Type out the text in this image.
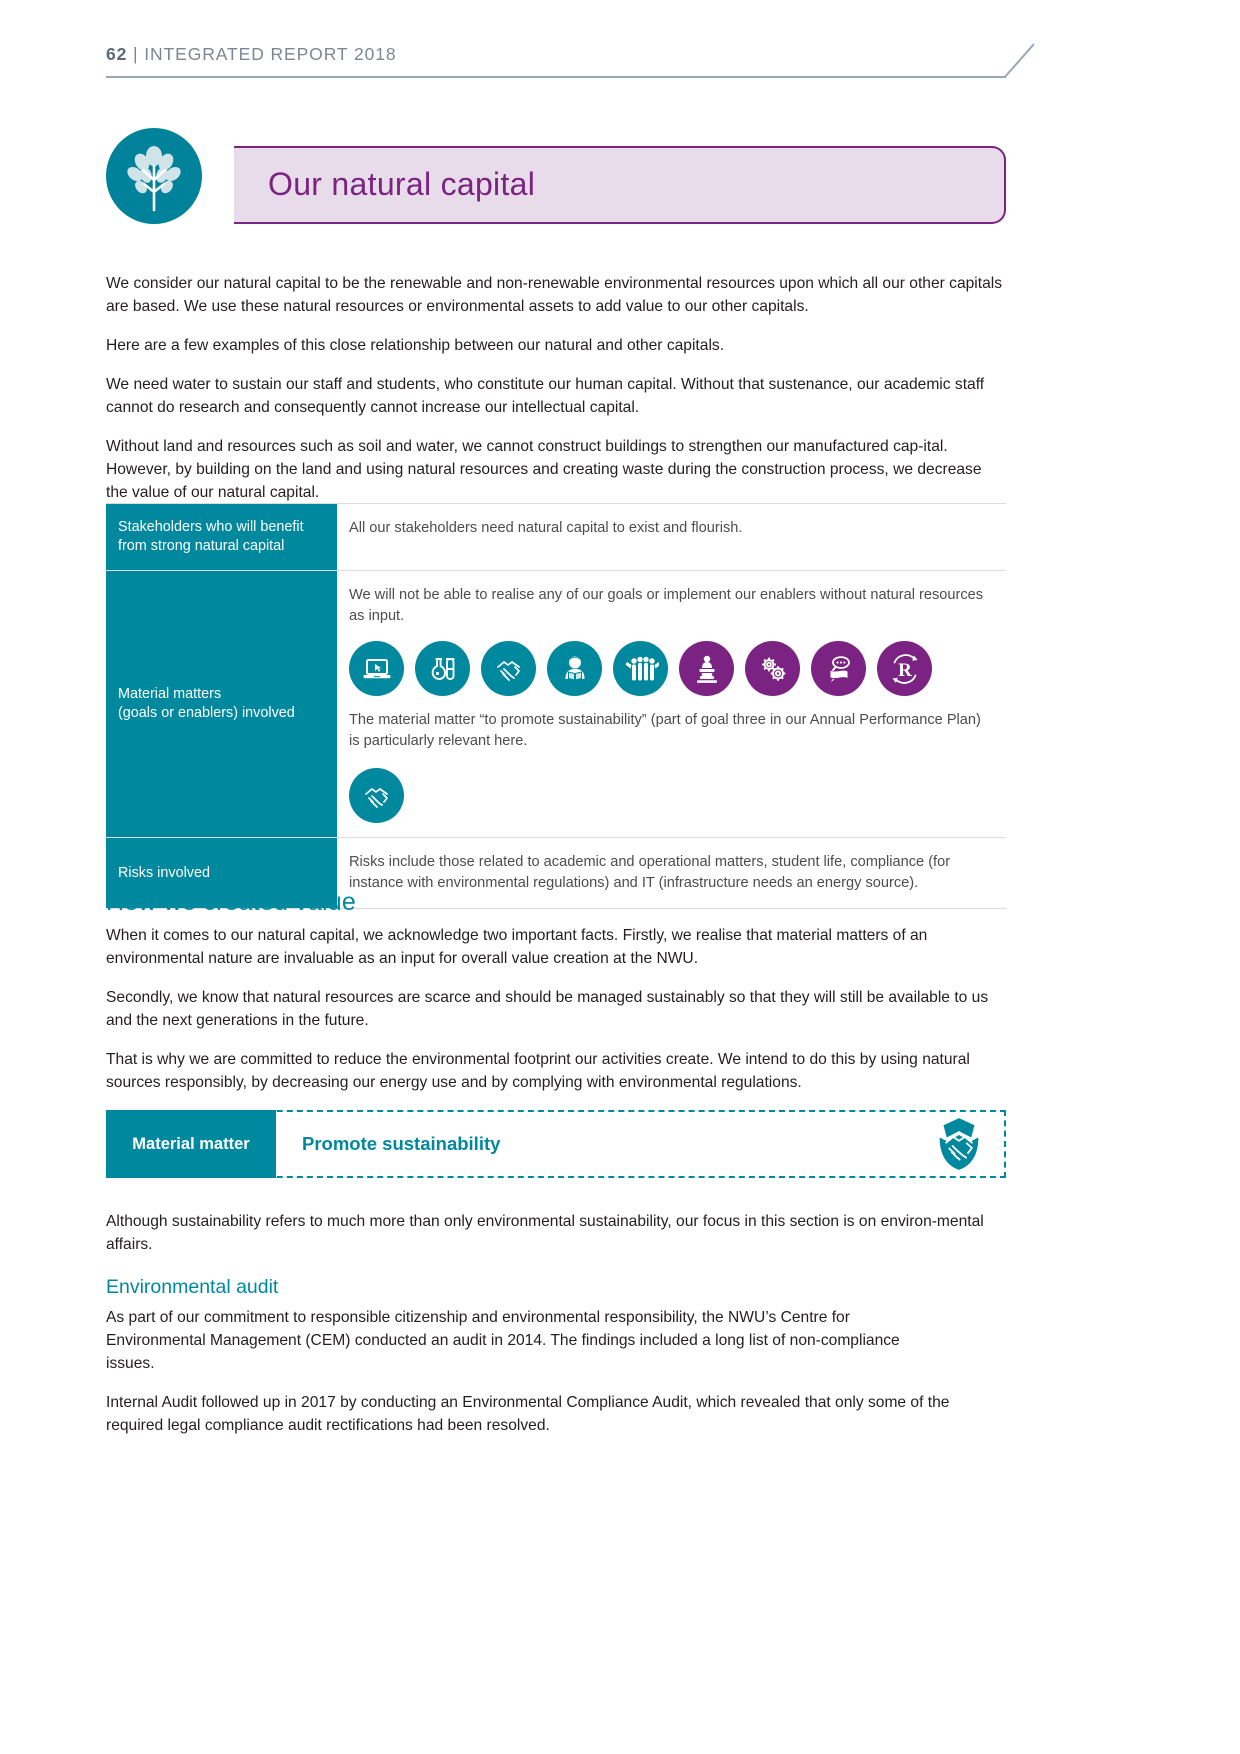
62 | INTEGRATED REPORT 2018
Our natural capital

We consider our natural capital to be the renewable and non-renewable environmental resources upon which all our other capitals are based. We use these natural resources or environmental assets to add value to our other capitals.

Here are a few examples of this close relationship between our natural and other capitals.

We need water to sustain our staff and students, who constitute our human capital. Without that sustenance, our academic staff cannot do research and consequently cannot increase our intellectual capital.

Without land and resources such as soil and water, we cannot construct buildings to strengthen our manufactured cap-ital. However, by building on the land and using natural resources and creating waste during the construction process, we decrease the value of our natural capital.

Stakeholders who will benefit
from strong natural capital

All our stakeholders need natural capital to exist and flourish.

Material matters
(goals or enablers) involved

We will not be able to realise any of our goals or implement our enablers without natural resources as input.

R

The material matter “to promote sustainability” (part of goal three in our Annual Performance Plan) is particularly relevant here.

Risks involved

Risks include those related to academic and operational matters, student life, compliance (for instance with environmental regulations) and IT (infrastructure needs an energy source).

How we created value

When it comes to our natural capital, we acknowledge two important facts. Firstly, we realise that material matters of an environmental nature are invaluable as an input for overall value creation at the NWU.

Secondly, we know that natural resources are scarce and should be managed sustainably so that they will still be available to us and the next generations in the future.

That is why we are committed to reduce the environmental footprint our activities create. We intend to do this by using natural sources responsibly, by decreasing our energy use and by complying with environmental regulations.

Material matter	Promote sustainability

Although sustainability refers to much more than only environmental sustainability, our focus in this section is on environ-mental affairs.

Environmental audit

As part of our commitment to responsible citizenship and environmental responsibility, the NWU’s Centre for Environmental Management (CEM) conducted an audit in 2014. The findings included a long list of non-compliance issues.

Internal Audit followed up in 2017 by conducting an Environmental Compliance Audit, which revealed that only some of the required legal compliance audit rectifications had been resolved.
